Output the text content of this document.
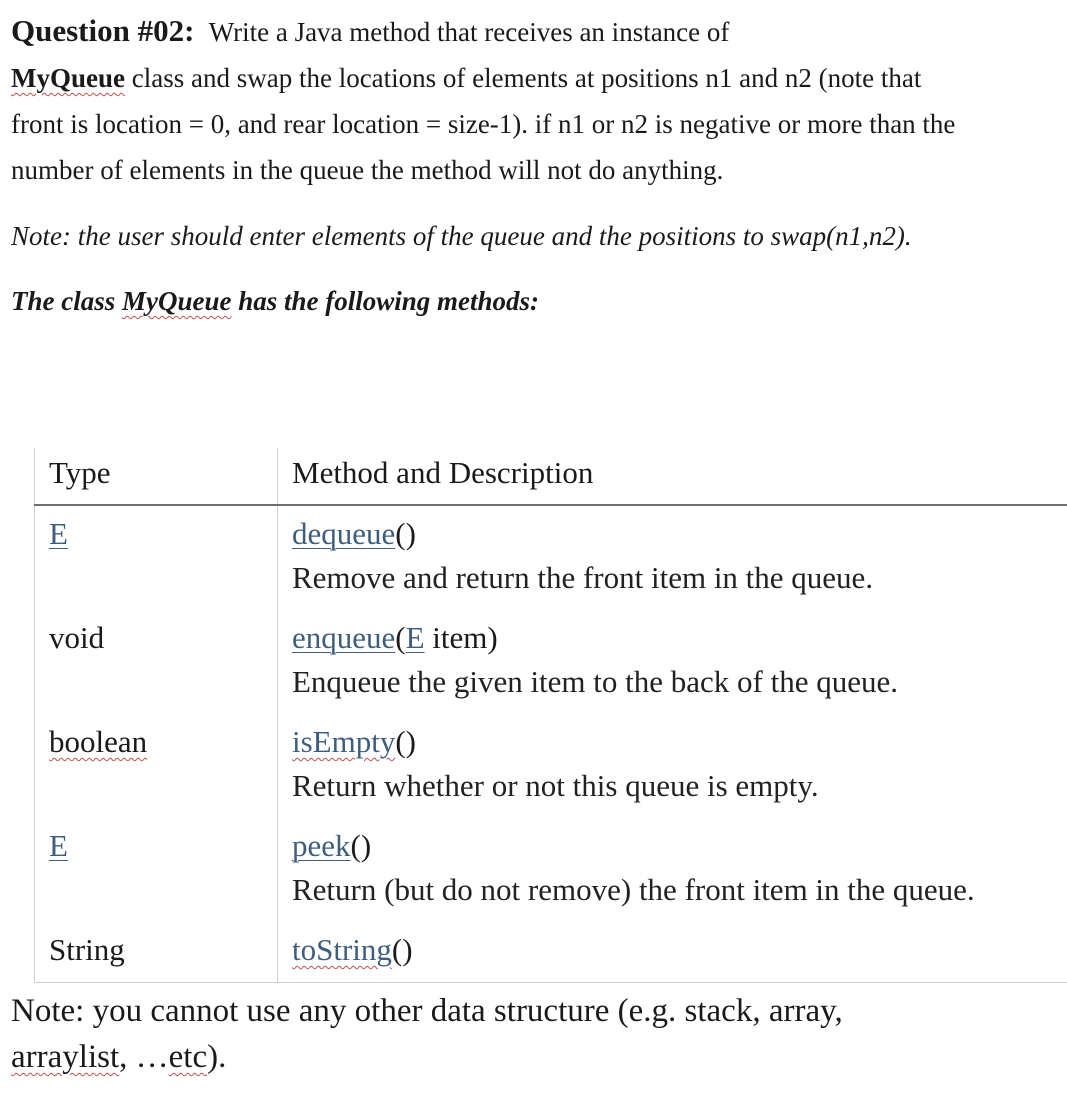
Question #02: Write a Java method that receives an instance of
MyQueue class and swap the locations of elements at positions n1 and n2 (note that front is location = 0, and rear location = size-1). if n1 or n2 is negative or more than the number of elements in the queue the method will not do anything.

Note: the user should enter elements of the queue and the positions to swap(n1,n2).

The class MyQueue has the following methods:

Type	Method and Description
E	dequeue()
Remove and return the front item in the queue.
void	enqueue(E item)
Enqueue the given item to the back of the queue.
boolean	isEmpty()
Return whether or not this queue is empty.
E	peek()
Return (but do not remove) the front item in the queue.
String	toString()

Note: you cannot use any other data structure (e.g. stack, array,
arraylist, …etc).
